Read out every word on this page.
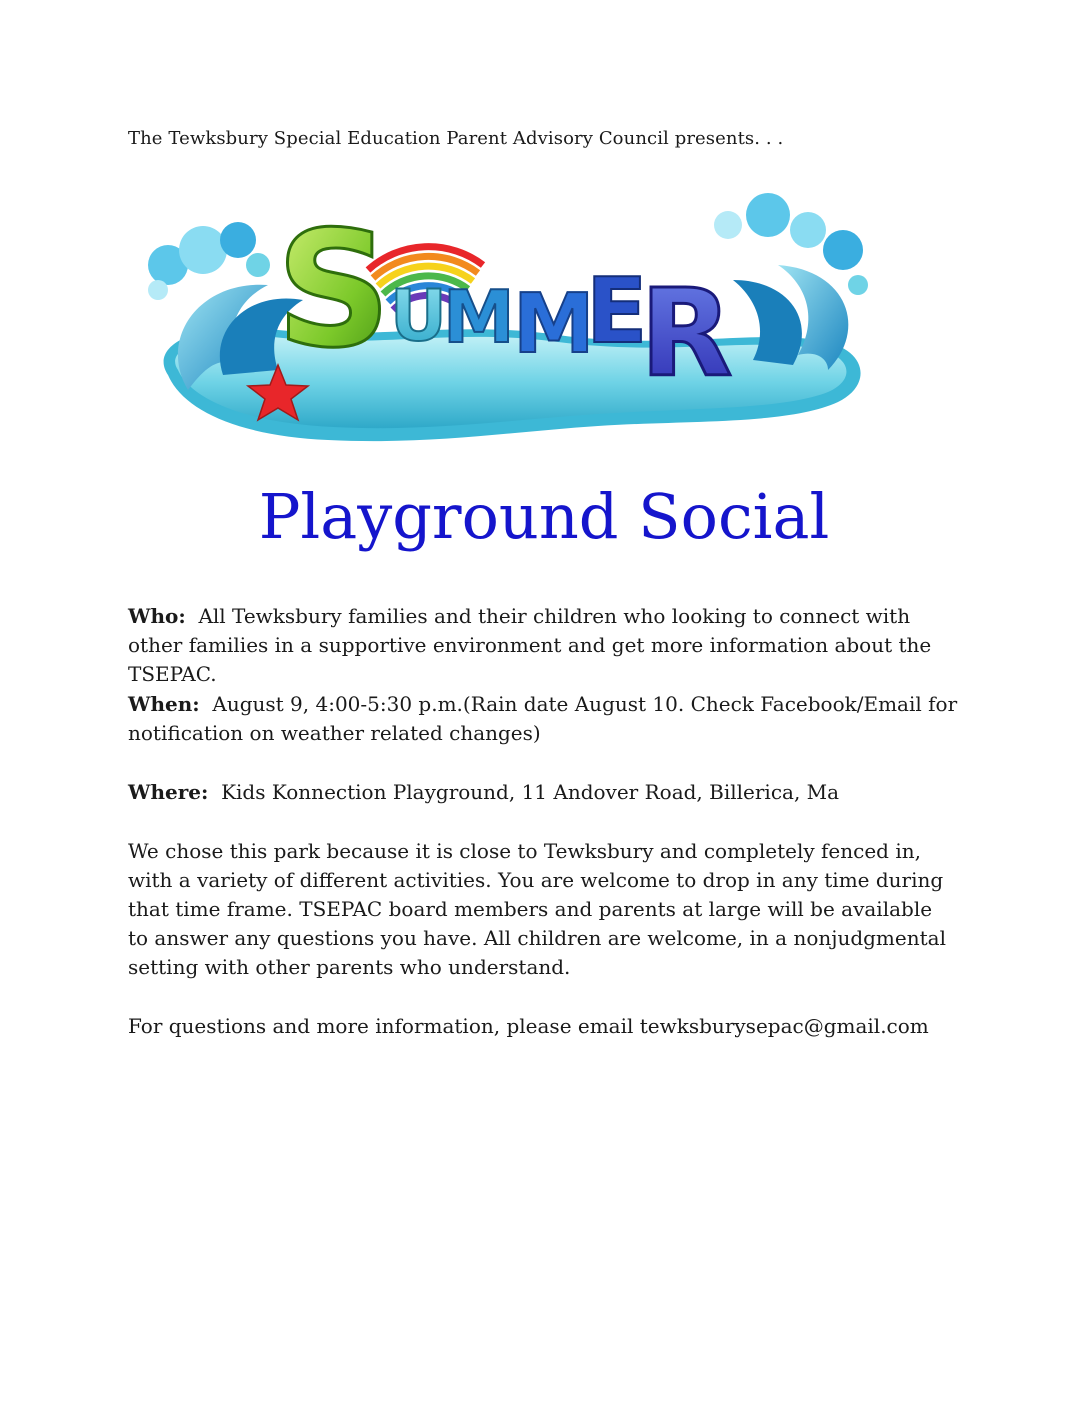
The Tewksbury Special Education Parent Advisory Council presents. . .
S
U
M
M
E
R
Playground Social

Who: All Tewksbury families and their children who looking to connect with other families in a supportive environment and get more information about the TSEPAC.

When: August 9, 4:00-5:30 p.m.(Rain date August 10. Check Facebook/Email for notification on weather related changes)

Where: Kids Konnection Playground, 11 Andover Road, Billerica, Ma

We chose this park because it is close to Tewksbury and completely fenced in, with a variety of different activities. You are welcome to drop in any time during that time frame. TSEPAC board members and parents at large will be available to answer any questions you have. All children are welcome, in a nonjudgmental setting with other parents who understand.

For questions and more information, please email tewksburysepac@gmail.com
